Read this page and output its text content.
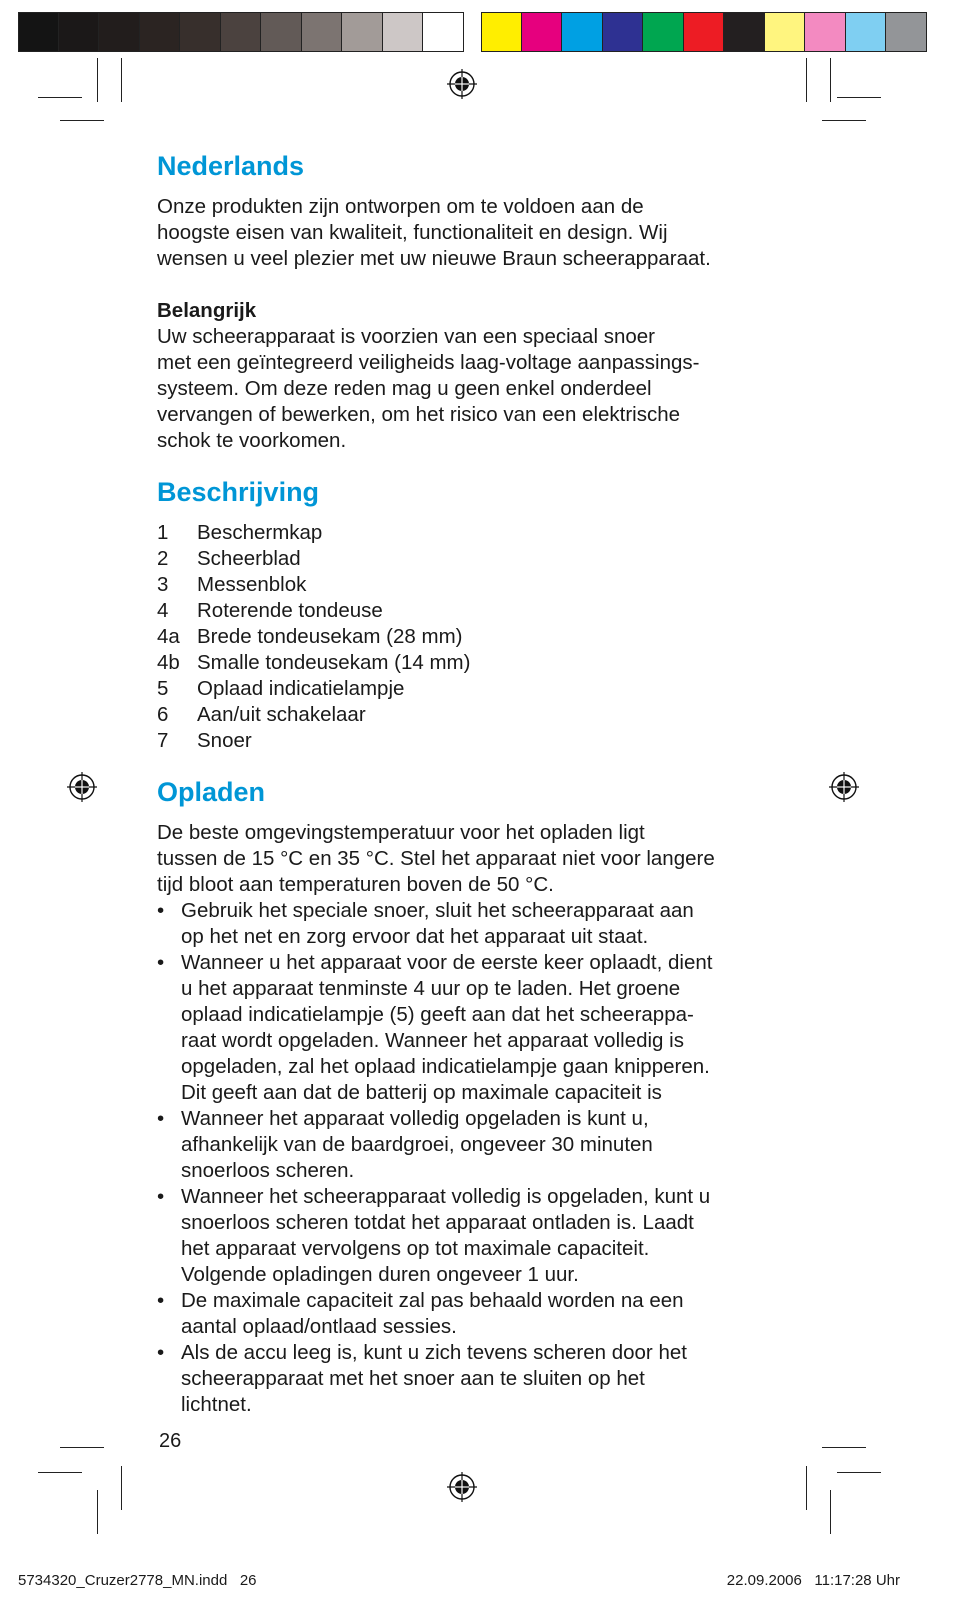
Nederlands

Onze produkten zijn ontworpen om te voldoen aan de

hoogste eisen van kwaliteit, functionaliteit en design. Wij

wensen u veel plezier met uw nieuwe Braun scheerapparaat.

Belangrijk

Uw scheerapparaat is voorzien van een speciaal snoer

met een geïntegreerd veiligheids laag-voltage aanpassings-

systeem. Om deze reden mag u geen enkel onderdeel

vervangen of bewerken, om het risico van een elektrische

schok te voorkomen.

Beschrijving
1	Beschermkap
2	Scheerblad
3	Messenblok
4	Roterende tondeuse
4a Brede tondeusekam (28 mm)
4b Smalle tondeusekam (14 mm)
5	Oplaad indicatielampje
6	Aan/uit schakelaar
7	Snoer
Opladen

De beste omgevingstemperatuur voor het opladen ligt

tussen de 15 °C en 35 °C. Stel het apparaat niet voor langere

tijd bloot aan temperaturen boven de 50 °C.

• Gebruik het speciale snoer, sluit het scheerapparaat aan
op het net en zorg ervoor dat het apparaat uit staat.
• Wanneer u het apparaat voor de eerste keer oplaadt, dient
u het apparaat tenminste 4 uur op te laden. Het groene
oplaad indicatielampje (5) geeft aan dat het scheerappa-
raat wordt opgeladen. Wanneer het apparaat volledig is
opgeladen, zal het oplaad indicatielampje gaan knipperen.
Dit geeft aan dat de batterij op maximale capaciteit is
• Wanneer het apparaat volledig opgeladen is kunt u,
afhankelijk van de baardgroei, ongeveer 30 minuten
snoerloos scheren.
• Wanneer het scheerapparaat volledig is opgeladen, kunt u
snoerloos scheren totdat het apparaat ontladen is. Laadt
het apparaat vervolgens op tot maximale capaciteit.
Volgende opladingen duren ongeveer 1 uur.
• De maximale capaciteit zal pas behaald worden na een
aantal oplaad/ontlaad sessies.
• Als de accu leeg is, kunt u zich tevens scheren door het
scheerapparaat met het snoer aan te sluiten op het
lichtnet.
26
5734320_Cruzer2778_MN.indd   26	22.09.2006   11:17:28 Uhr
